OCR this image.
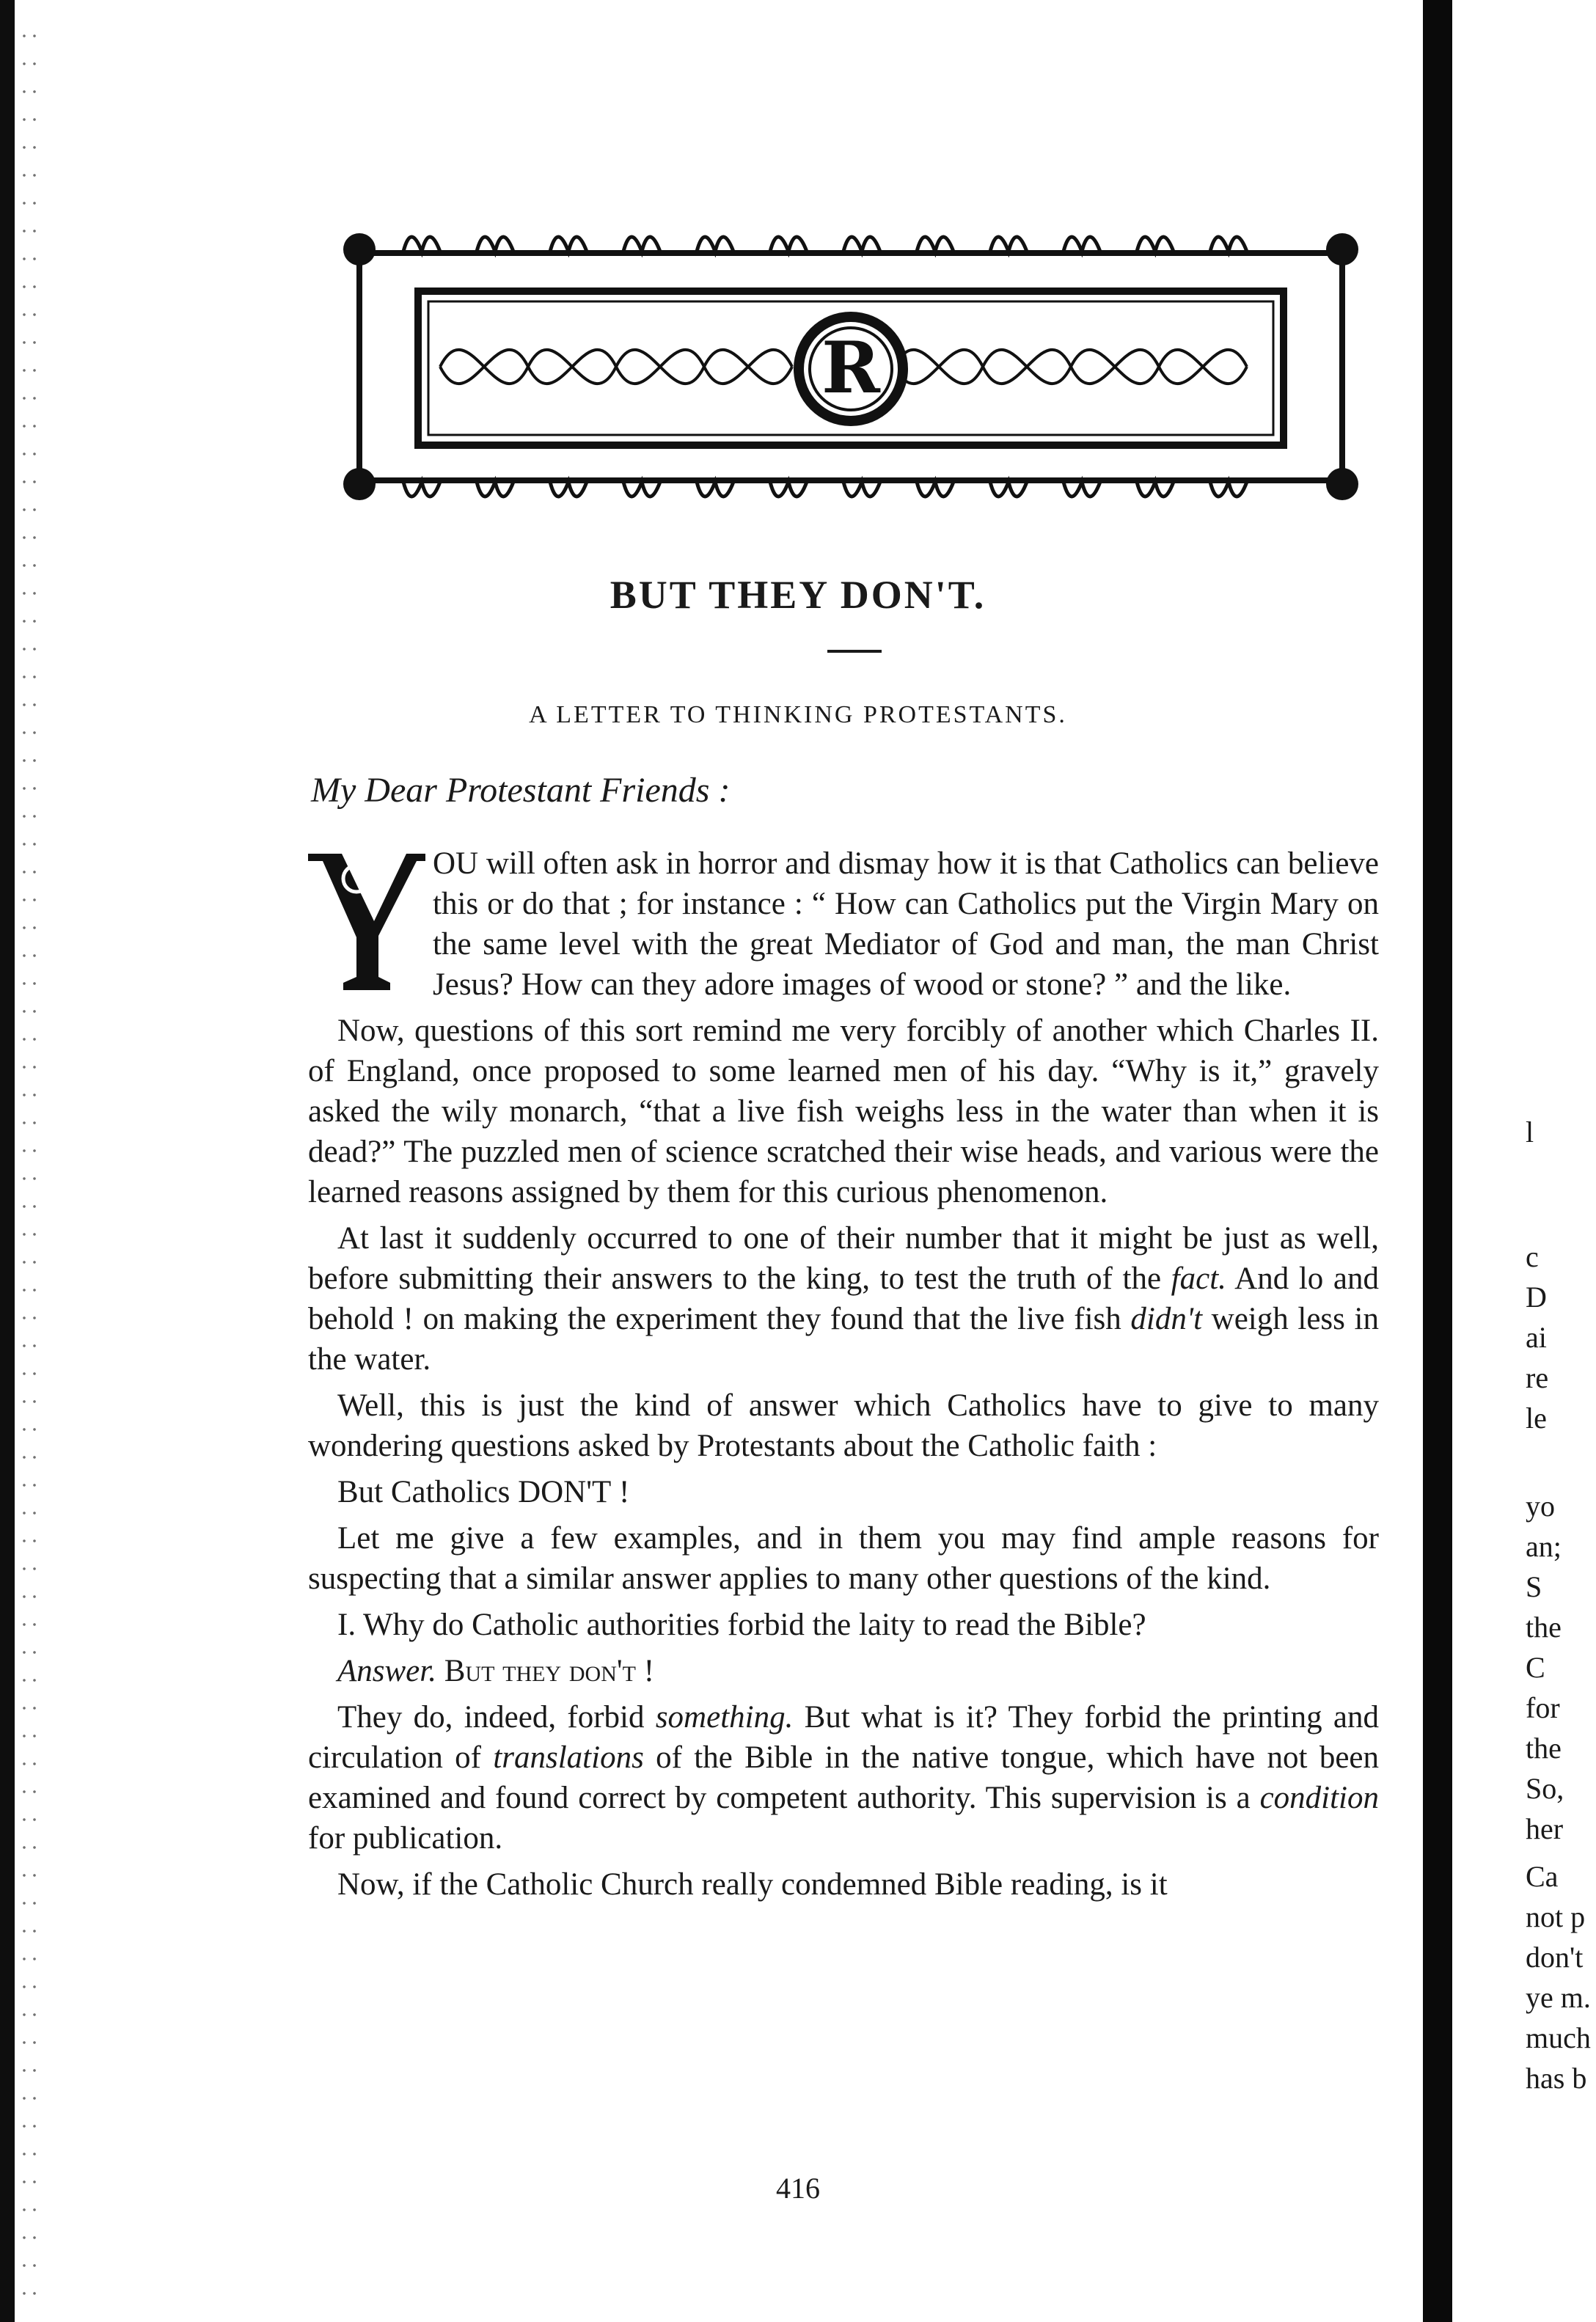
R
BUT THEY DON'T.
A LETTER TO THINKING PROTESTANTS.
My Dear Protestant Friends :

OU will often ask in horror and dismay how it is that Catholics can believe this or do that ; for instance : “ How can Catholics put the Virgin Mary on the same level with the great Mediator of God and man, the man Christ Jesus? How can they adore images of wood or stone? ” and the like.

Now, questions of this sort remind me very forcibly of another which Charles II. of England, once proposed to some learned men of his day. “Why is it,” gravely asked the wily monarch, “that a live fish weighs less in the water than when it is dead?” The puzzled men of science scratched their wise heads, and various were the learned reasons assigned by them for this curious phenomenon.

At last it suddenly occurred to one of their number that it might be just as well, before submitting their answers to the king, to test the truth of the fact. And lo and behold ! on making the experiment they found that the live fish didn't weigh less in the water.

Well, this is just the kind of answer which Catholics have to give to many wondering questions asked by Protestants about the Catholic faith :

But Catholics DON'T !

Let me give a few examples, and in them you may find ample reasons for suspecting that a similar answer applies to many other questions of the kind.

I. Why do Catholic authorities forbid the laity to read the Bible?

Answer. But they don't !

They do, indeed, forbid something. But what is it? They forbid the printing and circulation of translations of the Bible in the native tongue, which have not been examined and found correct by competent authority. This supervision is a condition for publication.

Now, if the Catholic Church really condemned Bible reading, is it

416
l
c
D
ai
re
le
yo
an;
S
the
C
for
the
So,
her
Ca
not p
don't
ye m.
much
has b
